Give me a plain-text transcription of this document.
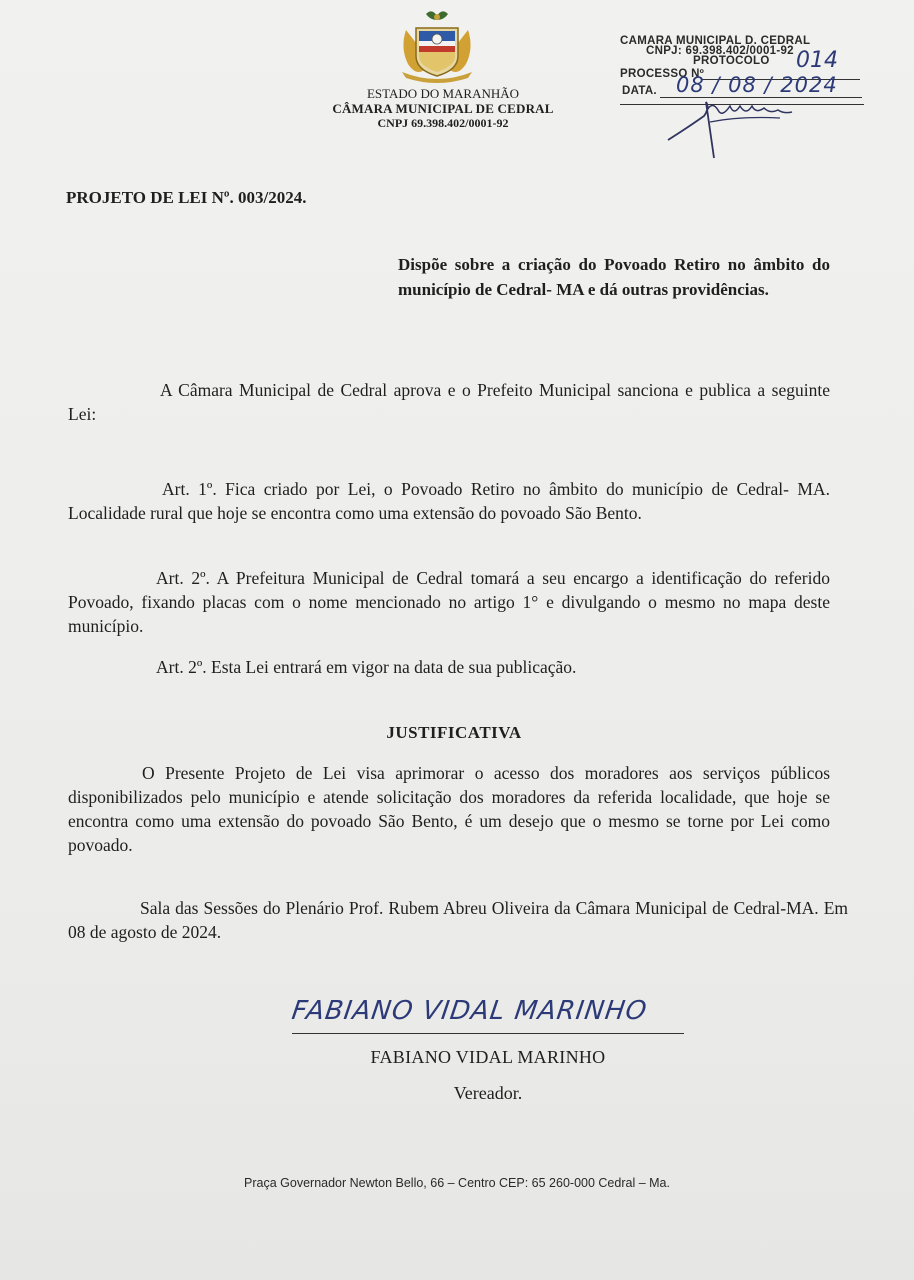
ESTADO DO MARANHÃO
CÂMARA MUNICIPAL DE CEDRAL
CNPJ 69.398.402/0001-92
CAMARA MUNICIPAL D. CEDRAL
CNPJ: 69.398.402/0001-92
PROTOCOLO
PROCESSO Nº
014
DATA. 08 / 08 / 2024
PROJETO DE LEI Nº. 003/2024.
Dispõe sobre a criação do Povoado Retiro no âmbito do município de Cedral- MA e dá outras providências.
A Câmara Municipal de Cedral aprova e o Prefeito Municipal sanciona e publica a seguinte Lei:
Art. 1º. Fica criado por Lei, o Povoado Retiro no âmbito do município de Cedral- MA. Localidade rural que hoje se encontra como uma extensão do povoado São Bento.
Art. 2º. A Prefeitura Municipal de Cedral tomará a seu encargo a identificação do referido Povoado, fixando placas com o nome mencionado no artigo 1° e divulgando o mesmo no mapa deste município.
Art. 2º. Esta Lei entrará em vigor na data de sua publicação.
JUSTIFICATIVA
O Presente Projeto de Lei visa aprimorar o acesso dos moradores aos serviços públicos disponibilizados pelo município e atende solicitação dos moradores da referida localidade, que hoje se encontra como uma extensão do povoado São Bento, é um desejo que o mesmo se torne por Lei como povoado.
Sala das Sessões do Plenário Prof. Rubem Abreu Oliveira da Câmara Municipal de Cedral-MA. Em 08 de agosto de 2024.
FABIANO VIDAL MARINHO
FABIANO VIDAL MARINHO
Vereador.
Praça Governador Newton Bello, 66 – Centro CEP: 65 260-000 Cedral – Ma.
